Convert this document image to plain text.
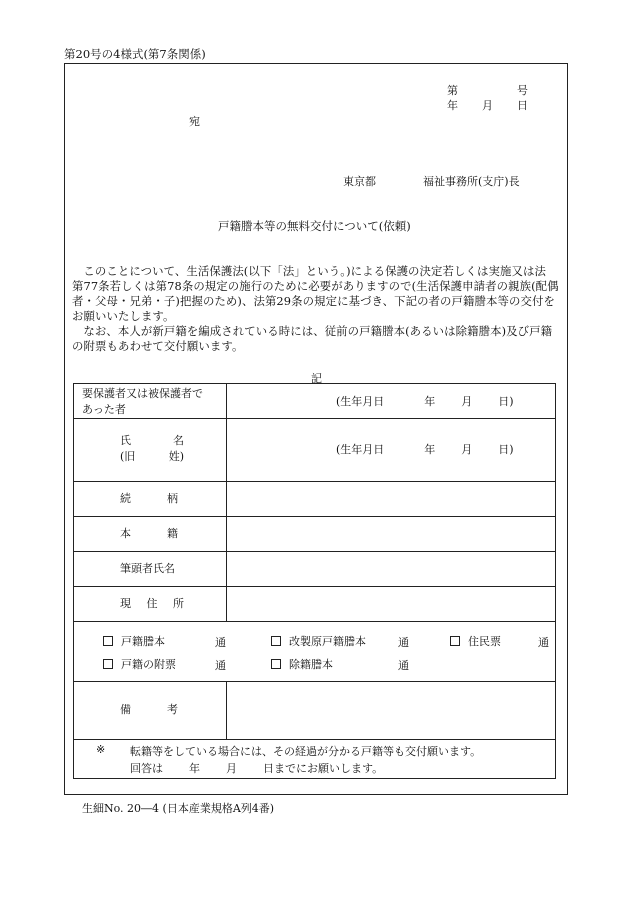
第20号の4様式(第7条関係)
第	号
年 月 日
宛
東京都	福祉事務所(支庁)長
戸籍謄本等の無料交付について(依頼)

このことについて、生活保護法(以下「法」という。)による保護の決定若しくは実施又は法

第77条若しくは第78条の規定の施行のために必要がありますので(生活保護申請者の親族(配偶

者・父母・兄弟・子)把握のため)、法第29条の規定に基づき、下記の者の戸籍謄本等の交付を

お願いいたします。

なお、本人が新戸籍を編成されている時には、従前の戸籍謄本(あるいは除籍謄本)及び戸籍

の附票もあわせて交付願います。

記
要保護者又は被保護者で
あった者
(生年月日	年 月 日)
氏	名
(旧	姓)
(生年月日	年 月 日)
続	柄
本	籍
筆頭者氏名
現 住 所
戸籍謄本	通	改製原戸籍謄本	通	住民票	通
戸籍の附票	通	除籍謄本	通
備	考
※ 転籍等をしている場合には、その経過が分かる戸籍等も交付願います。
回答は 年 月 日までにお願いします。
生細No. 20―4 (日本産業規格A列4番)
